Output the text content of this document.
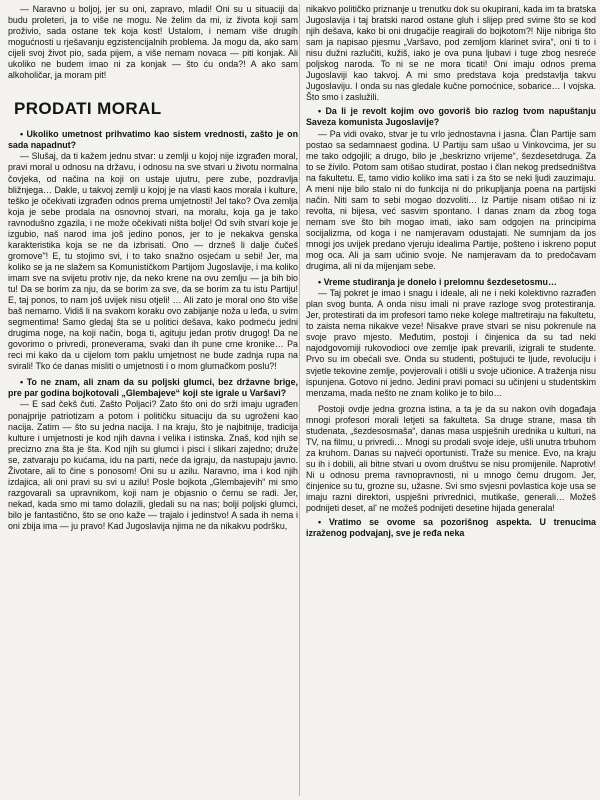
— Naravno u boljoj, jer su oni, zapravo, mladi! Oni su u situaciji da budu proleteri, ja to više ne mogu. Ne želim da mi, iz života koji sam proživio, sada ostane tek koja kost! Ustalom, i nemam više drugih mogućnosti u rješavanju egzistencijalnih problema. Ja mogu da, ako sam cijeli svoj život pio, sada pijem, a više nemam novaca — piti konjak. Ali ukoliko ne budem imao ni za konjak — što ću onda?! A ako sam alkoholičar, ja moram pit!

PRODATI MORAL

• Ukoliko umetnost prihvatimo kao sistem vrednosti, zašto je on sada napadnut?

— Slušaj, da ti kažem jednu stvar: u zemlji u kojoj nije izgrađen moral, pravi moral u odnosu na državu, i odnosu na sve stvari u životu normalna čovjeka, od načina na koji on ustaje ujutru, pere zube, pozdravlja bližnjega… Dakle, u takvoj zemlji u kojoj je na vlasti kaos morala i kulture, teško je očekivati izgrađen odnos prema umjetnosti! Jel tako? Ova zemlja koja je sebe prodala na osnovnoj stvari, na moralu, koja ga je tako ravnodušno zgazila, i ne može očekivati ništa bolje! Od svih stvari koje je izgubio, naš narod ima još jedino ponos, jer to je nekakva genska karakteristika koja se ne da izbrisati. Ono — drzneš li dalje čučeš gromove"! E, tu stojimo svi, i to tako snažno osjećam u sebi! Jer, ma koliko se ja ne slažem sa Komunističkom Partijom Jugoslavije, i ma koliko imam sve na svijetu protiv nje, da neko krene na ovu zemlju — ja bih bio tu! Da se borim za nju, da se borim za sve, da se borim za tu istu Partiju! E, taj ponos, to nam još uvijek nisu otjeli! … Ali zato je moral ono što više baš nemamo. Vidiš li na svakom koraku ovo zabijanje noža u leđa, u svim segmentima! Samo gledaj šta se u politici dešava, kako podmeću jedni drugima noge, na koji način, boga ti, agituju jedan protiv drugog! Da ne govorimo o privredi, proneverama, svaki dan ih pune crne kronike… Pa reci mi kako da u cijelom tom paklu umjetnost ne bude zadnja rupa na svirali! Tko će danas misliti o umjetnosti i o mom glumačkom poslu?!

• To ne znam, ali znam da su poljski glumci, bez državne brige, pre par godina bojkotovali „Glembajeve“ koji ste igrale u Varšavi?

— E sad čekš čuti. Zašto Poljaci? Zato što oni do srži imaju ugrađen ponajprije patriotizam a potom i političku situaciju da su ugroženi kao nacija. Zatim — što su jedna nacija. I na kraju, što je najbitnije, tradicija kulture i umjetnosti je kod njih davna i velika i istinska. Znaš, kod njih se precizno zna šta je šta. Kod njih su glumci i pisci i slikari zajedno; druže se, zatvaraju po kućama, idu na parti, neće da igraju, da nastupaju javno. Životare, ali to čine s ponosom! Oni su u azilu. Naravno, ima i kod njih izdajica, ali oni pravi su svi u azilu! Posle bojkota „Glembajevih“ mi smo razgovarali sa upravnikom, koji nam je objasnio o čemu se radi. Jer, nekad, kada smo mi tamo dolazili, gledali su na nas; bolji poljski glumci, bilo je fantastično, što se ono kaže — trajalo i jedinstvo! A sada ih nema i oni zbija ima — ju pravo! Kad Jugoslavija njima ne da nikakvu podršku,

nikakvo političko priznanje u trenutku dok su okupirani, kada im ta bratska Jugoslavija i taj bratski narod ostane gluh i slijep pred svime što se kod njih dešava, kako bi oni drugačije reagirali do bojkotom?! Nije nibriga što sam ja napisao pjesmu „Varšavo, pod zemljom klarinet svira“, oni ti to i nisu dužni razlučiti, kužiš, iako je ova puna ljubavi i tuge zbog nesreće poljskog naroda. To ni se ne mora ticati! Oni imaju odnos prema Jugoslaviji kao takvoj. A mi smo predstava koja predstavlja takvu Jugoslaviju. I onda su nas gledale kučne pomoćnice, sobarice… I vojska. Što smo i zaslužili.

• Da li je revolt kojim ovo govoriš bio razlog tvom napuštanju Saveza komunista Jugoslavije?

— Pa vidi ovako, stvar je tu vrlo jednostavna i jasna. Član Partije sam postao sa sedamnaest godina. U Partiju sam ušao u Vinkovcima, jer su me tako odgojili; a drugo, bilo je „beskrizno vrijeme“, šezdesetdruga. Za to se živilo. Potom sam otišao studirat, postao i član nekog predsedništva na fakultetu. E, tamo vidio koliko ima sati i za što se neki ljudi zauzimaju. A meni nije bilo stalo ni do funkcija ni do prikupljanja poena na partijski način. Niti sam to sebi mogao dozvoliti… Iz Partije nisam otišao ni iz revolta, ni bijesa, već sasvim spontano. I danas znam da zbog toga nemam sve što bih mogao imati, iako sam odgojen na principima socijalizma, od koga i ne namjeravam odustajati. Ne sumnjam da jos mnogi jos uvijek predano vjeruju idealima Partije, pošteno i iskreno poput mog oca. Ali ja sam učinio svoje. Ne namjeravam da to predočavam drugima, ali ni da mijenjam sebe.

• Vreme studiranja je donelo i prelomnu šezdesetosmu…

— Taj pokret je imao i snagu i ideale, ali ne i neki kolektivno razrađen plan svog bunta. A onda nisu imali ni prave razloge svog protestiranja. Jer, protestirati da im profesori tamo neke kolege maltretiraju na fakultetu, to zaista nema nikakve veze! Nisakve prave stvari se nisu pokrenule na svoje pravo mjesto. Međutim, postoji i činjenica da su tad neki najodgovorniji rukovodioci ove zemlje ipak prevarili, izigrali te studente. Prvo su im obećali sve. Onda su studenti, poštujući te ljude, revoluciju i svjetle tekovine zemlje, povjerovali i otišli u svoje učionice. A traženja nisu ispunjena. Gotovo ni jedno. Jedini pravi pomaci su učinjeni u studentskim menzama, mada nešto ne znam koliko je to bilo…

Postoji ovdje jedna grozna istina, a ta je da su nakon ovih događaja mnogi profesori morali letjeti sa fakulteta. Sa druge strane, masa tih studenata, „šezdesosmaša“, danas masa uspješnih urednika u kulturi, na TV, na filmu, u privredi… Mnogi su prodali svoje ideje, ušli unutra trbuhom za kruhom. Danas su najveći oportunisti. Traže su menice. Evo, na kraju su ih i dobili, ali bitne stvari u ovom društvu se nisu promijenile. Naprotiv! Ni u odnosu prema ravnopravnosti, ni u mnogo čemu drugom. Jer, činjenice su tu, grozne su, užasne. Svi smo svjesni povlastica koje usa se imaju razni direktori, uspješni privrednici, mutikaše, generali… Možeš podnijeti deset, al' ne možeš podnijeti desetine hijada generala!

• Vratimo se ovome sa pozorišnog aspekta. U trenucima izraženog podvajanj, sve je ređa neka
